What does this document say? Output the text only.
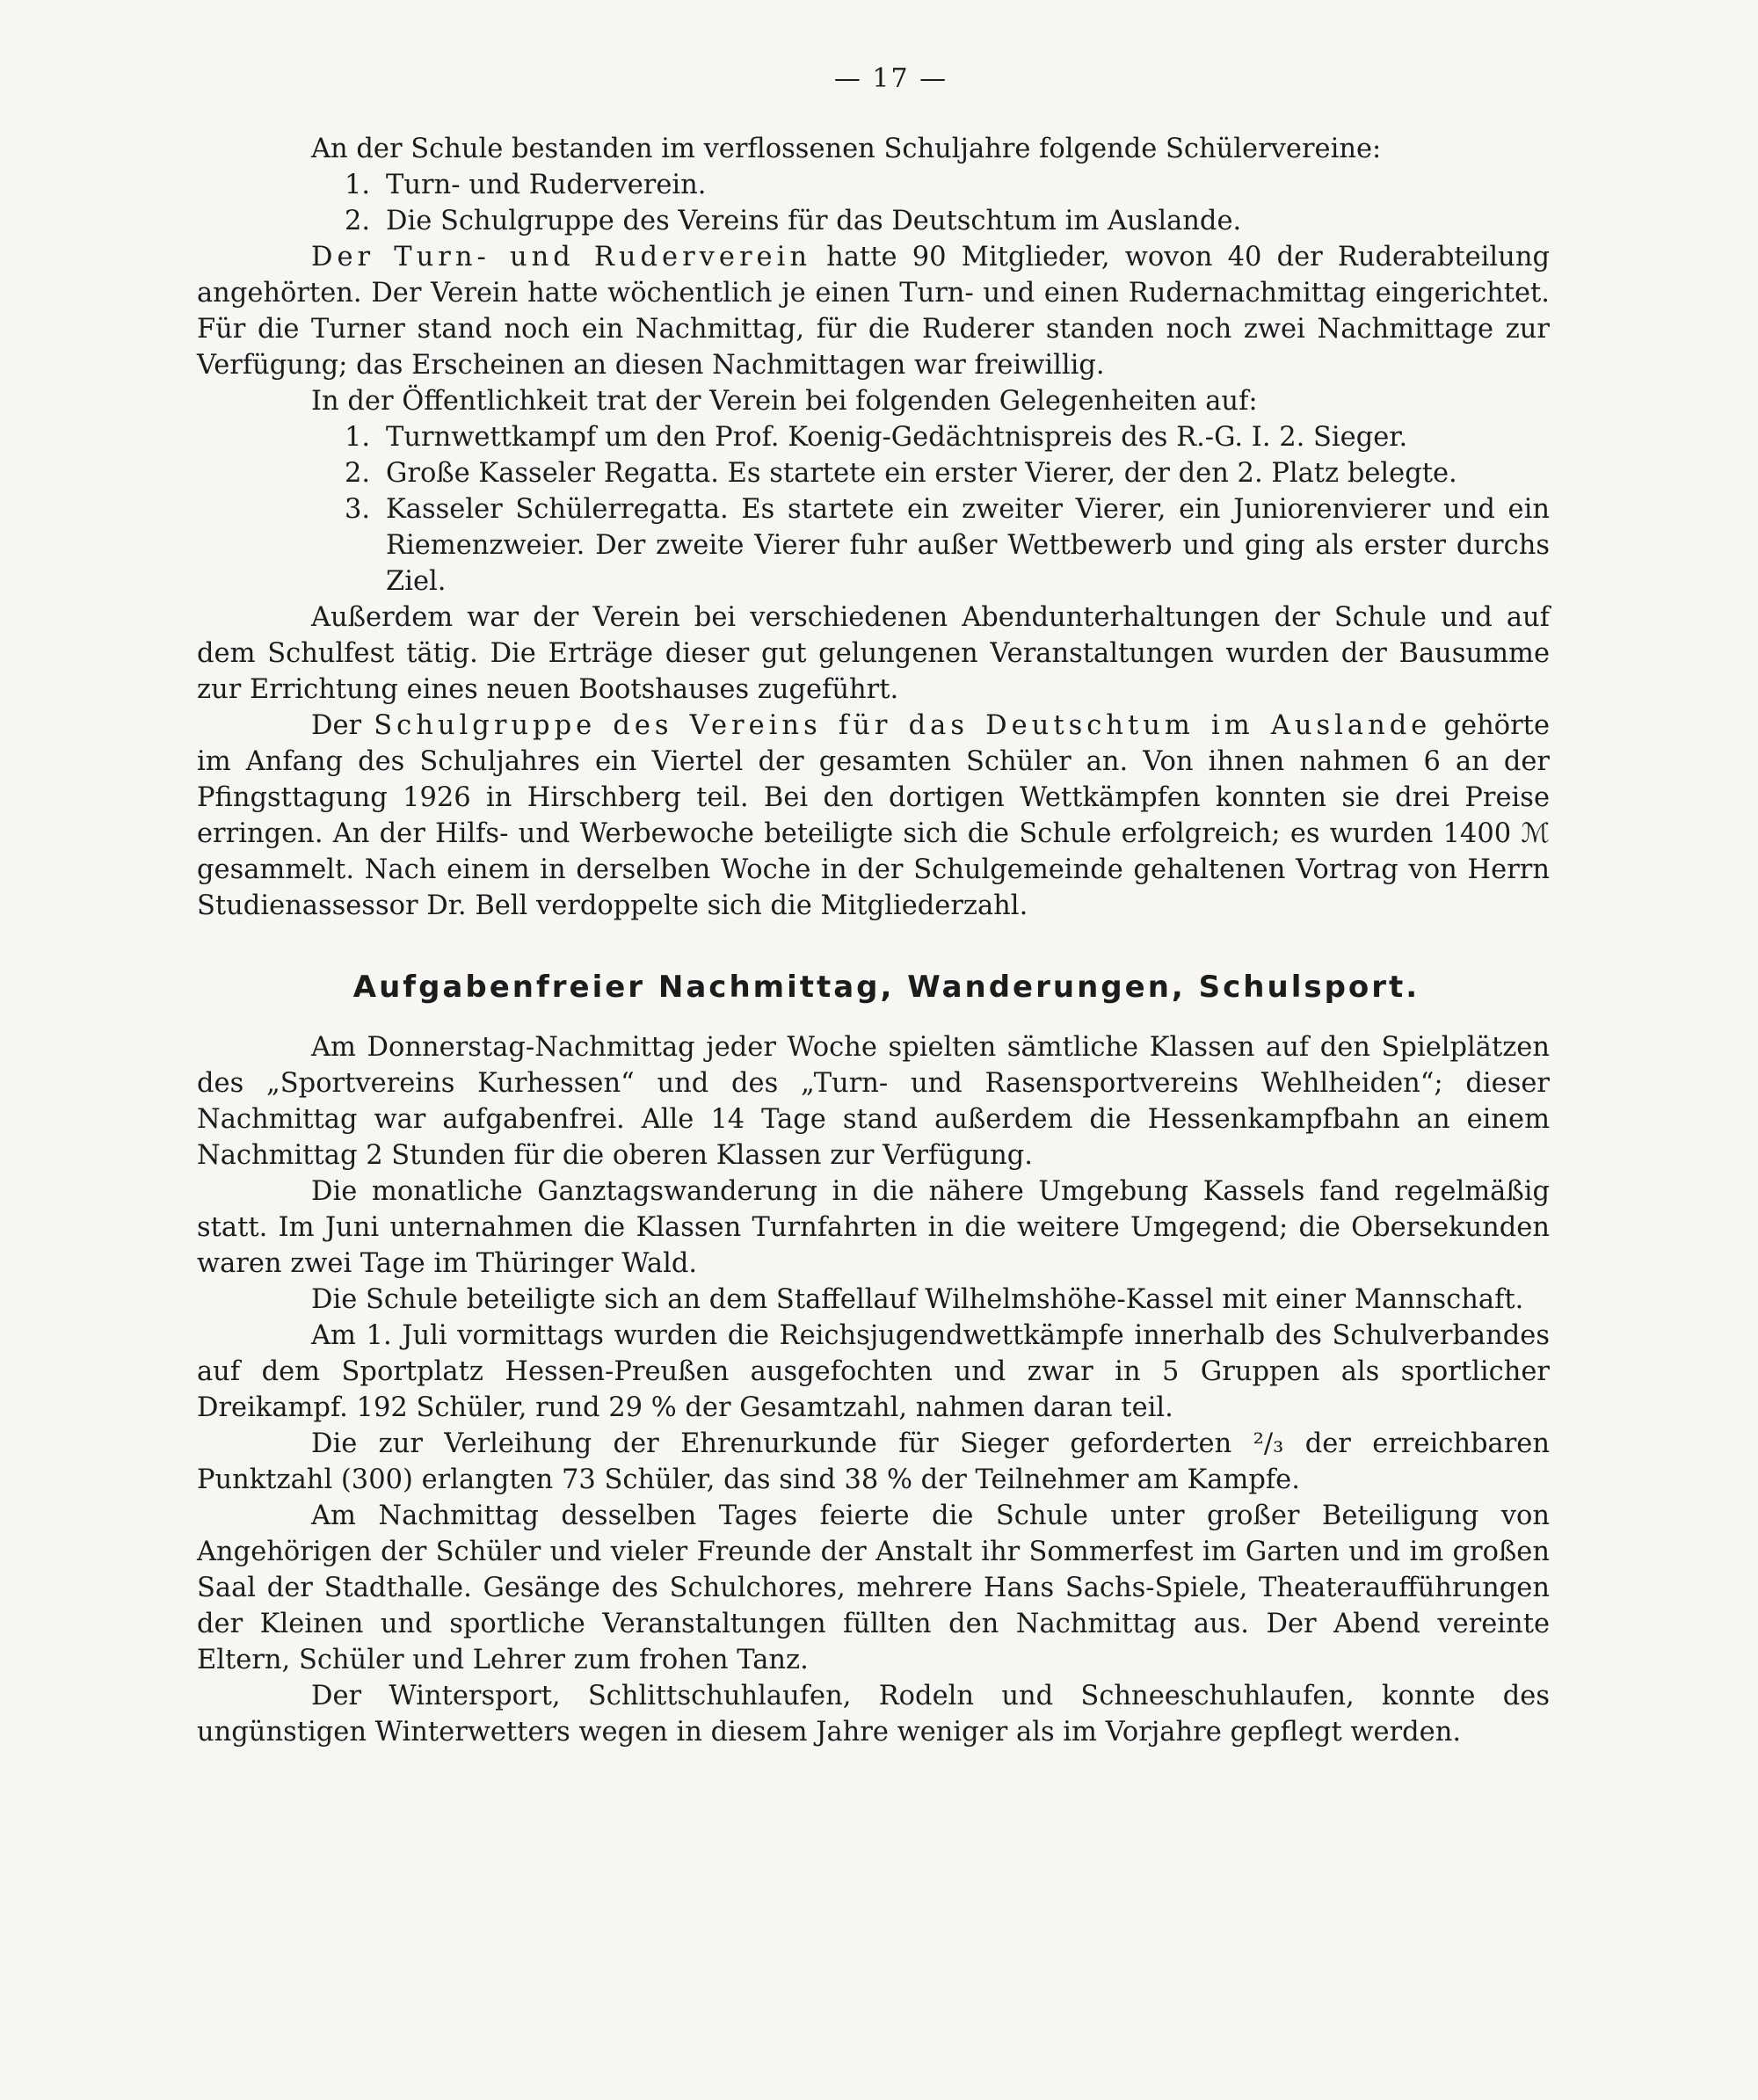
— 17 —

An der Schule bestanden im verflossenen Schuljahre folgende Schülervereine:

1. Turn- und Ruderverein.
2. Die Schulgruppe des Vereins für das Deutschtum im Auslande.

Der Turn- und Ruderverein hatte 90 Mitglieder, wovon 40 der Ruderabteilung angehörten. Der Verein hatte wöchentlich je einen Turn- und einen Rudernachmittag eingerichtet. Für die Turner stand noch ein Nachmittag, für die Ruderer standen noch zwei Nachmittage zur Verfügung; das Erscheinen an diesen Nachmittagen war freiwillig.

In der Öffentlichkeit trat der Verein bei folgenden Gelegenheiten auf:

1. Turnwettkampf um den Prof. Koenig-Gedächtnispreis des R.-G. I. 2. Sieger.
2. Große Kasseler Regatta. Es startete ein erster Vierer, der den 2. Platz belegte.
3. Kasseler Schülerregatta. Es startete ein zweiter Vierer, ein Juniorenvierer und ein Riemenzweier. Der zweite Vierer fuhr außer Wettbewerb und ging als erster durchs Ziel.

Außerdem war der Verein bei verschiedenen Abendunterhaltungen der Schule und auf dem Schulfest tätig. Die Erträge dieser gut gelungenen Veranstaltungen wurden der Bausumme zur Errichtung eines neuen Bootshauses zugeführt.

Der Schulgruppe des Vereins für das Deutschtum im Auslande gehörte im Anfang des Schuljahres ein Viertel der gesamten Schüler an. Von ihnen nahmen 6 an der Pfingsttagung 1926 in Hirschberg teil. Bei den dortigen Wettkämpfen konnten sie drei Preise erringen. An der Hilfs- und Werbewoche beteiligte sich die Schule erfolgreich; es wurden 1400 ℳ gesammelt. Nach einem in derselben Woche in der Schulgemeinde gehaltenen Vortrag von Herrn Studienassessor Dr. Bell verdoppelte sich die Mitgliederzahl.

Aufgabenfreier Nachmittag, Wanderungen, Schulsport.

Am Donnerstag-Nachmittag jeder Woche spielten sämtliche Klassen auf den Spielplätzen des „Sportvereins Kurhessen“ und des „Turn- und Rasensportvereins Wehlheiden“; dieser Nachmittag war aufgabenfrei. Alle 14 Tage stand außerdem die Hessenkampfbahn an einem Nachmittag 2 Stunden für die oberen Klassen zur Verfügung.

Die monatliche Ganztagswanderung in die nähere Umgebung Kassels fand regelmäßig statt. Im Juni unternahmen die Klassen Turnfahrten in die weitere Umgegend; die Obersekunden waren zwei Tage im Thüringer Wald.

Die Schule beteiligte sich an dem Staffellauf Wilhelmshöhe-Kassel mit einer Mannschaft.

Am 1. Juli vormittags wurden die Reichsjugendwettkämpfe innerhalb des Schulverbandes auf dem Sportplatz Hessen-Preußen ausgefochten und zwar in 5 Gruppen als sportlicher Dreikampf. 192 Schüler, rund 29 % der Gesamtzahl, nahmen daran teil.

Die zur Verleihung der Ehrenurkunde für Sieger geforderten ²/₃ der erreichbaren Punktzahl (300) erlangten 73 Schüler, das sind 38 % der Teilnehmer am Kampfe.

Am Nachmittag desselben Tages feierte die Schule unter großer Beteiligung von Angehörigen der Schüler und vieler Freunde der Anstalt ihr Sommerfest im Garten und im großen Saal der Stadthalle. Gesänge des Schulchores, mehrere Hans Sachs-Spiele, Theateraufführungen der Kleinen und sportliche Veranstaltungen füllten den Nachmittag aus. Der Abend vereinte Eltern, Schüler und Lehrer zum frohen Tanz.

Der Wintersport, Schlittschuhlaufen, Rodeln und Schneeschuhlaufen, konnte des ungünstigen Winterwetters wegen in diesem Jahre weniger als im Vorjahre gepflegt werden.
